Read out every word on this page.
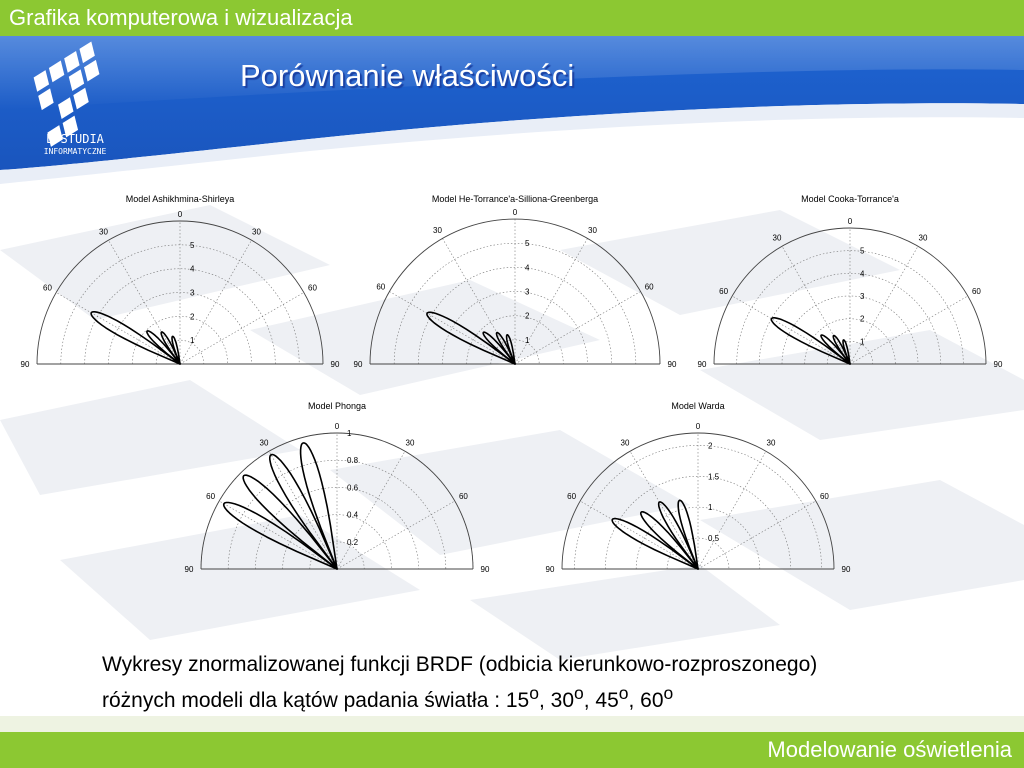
Grafika komputerowa i wizualizacja
E-STUDIA
INFORMATYCZNE
Porównanie właściwości
Model Ashikhmina-Shirleya
1
2
3
4
5
90
60
30
0
30
60
90
Model He-Torrance'a-Silliona-Greenberga
1
2
3
4
5
90
60
30
0
30
60
90
Model Cooka-Torrance'a
1
2
3
4
5
90
60
30
0
30
60
90
Model Phonga
0.2
0.4
0.6
0.8
1
90
60
30
0
30
60
90
Model Warda
0.5
1
1.5
2
90
60
30
0
30
60
90
Wykresy znormalizowanej funkcji BRDF (odbicia kierunkowo-rozproszonego)
różnych modeli dla kątów padania światła : 15$^o$, 30$^o$, 45$^o$, 60$^o$
Modelowanie oświetlenia
